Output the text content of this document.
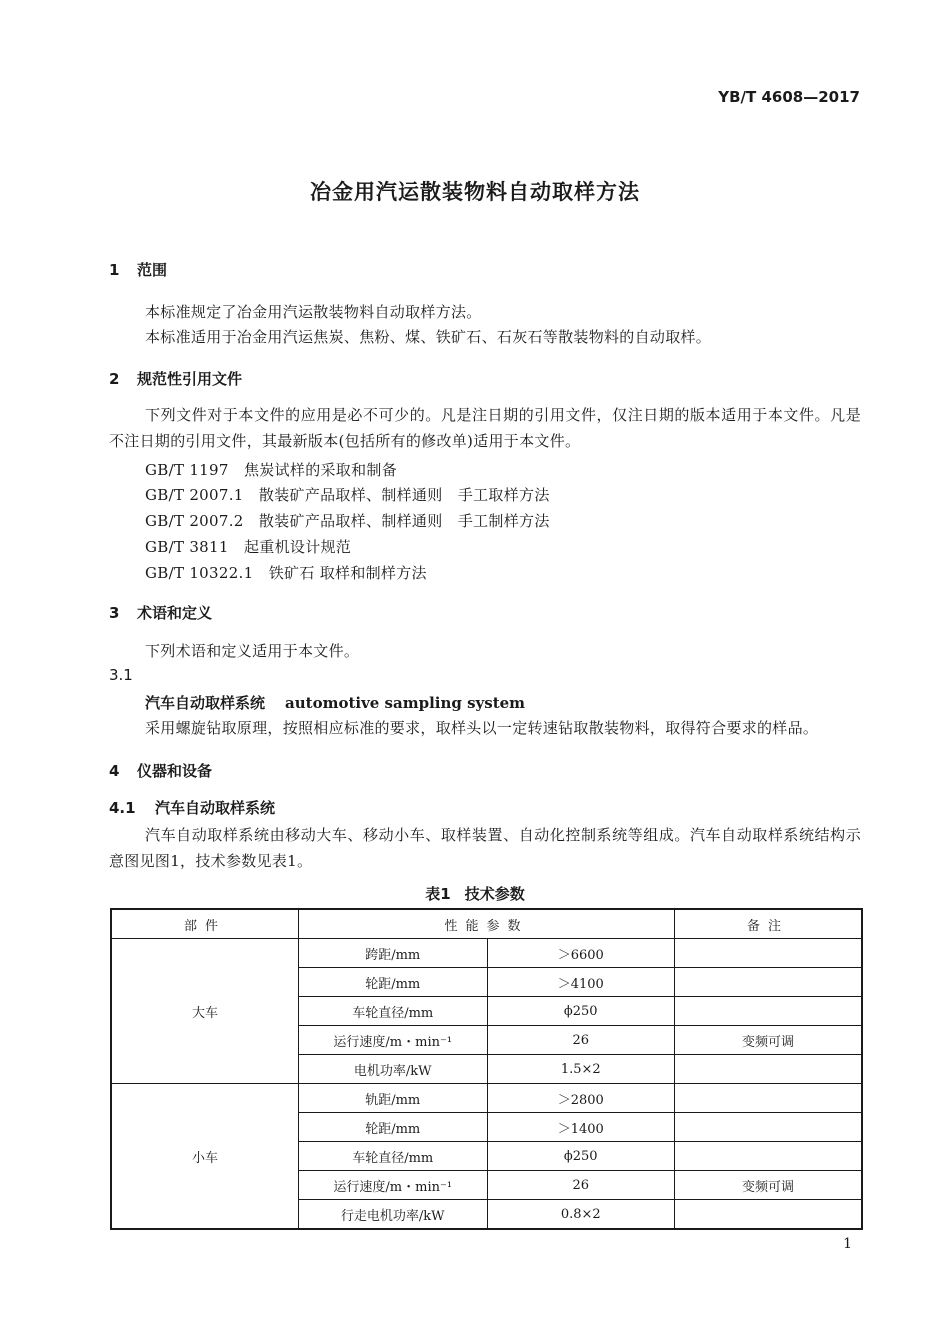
YB/T 4608—2017
冶金用汽运散装物料自动取样方法
1 范围
本标准规定了冶金用汽运散装物料自动取样方法。
本标准适用于冶金用汽运焦炭、焦粉、煤、铁矿石、石灰石等散装物料的自动取样。
2 规范性引用文件
下列文件对于本文件的应用是必不可少的。凡是注日期的引用文件，仅注日期的版本适用于本文件。凡是不注日期的引用文件，其最新版本(包括所有的修改单)适用于本文件。
GB/T 1197　焦炭试样的采取和制备
GB/T 2007.1　散装矿产品取样、制样通则　手工取样方法
GB/T 2007.2　散装矿产品取样、制样通则　手工制样方法
GB/T 3811　起重机设计规范
GB/T 10322.1　铁矿石 取样和制样方法
3 术语和定义
下列术语和定义适用于本文件。
3.1
汽车自动取样系统 automotive sampling system
采用螺旋钻取原理，按照相应标准的要求，取样头以一定转速钻取散装物料，取得符合要求的样品。
4 仪器和设备
4.1 汽车自动取样系统
汽车自动取样系统由移动大车、移动小车、取样装置、自动化控制系统等组成。汽车自动取样系统结构示意图见图1，技术参数见表1。
表1 技术参数
部件	性能参数		备注
大车	跨距/mm	＞6600	
	轮距/mm	＞4100	
	车轮直径/mm	ϕ250	
	运行速度/m・min⁻¹	26	变频可调
	电机功率/kW	1.5×2	
小车	轨距/mm	＞2800	
	轮距/mm	＞1400	
	车轮直径/mm	ϕ250	
	运行速度/m・min⁻¹	26	变频可调
	行走电机功率/kW	0.8×2	
1
